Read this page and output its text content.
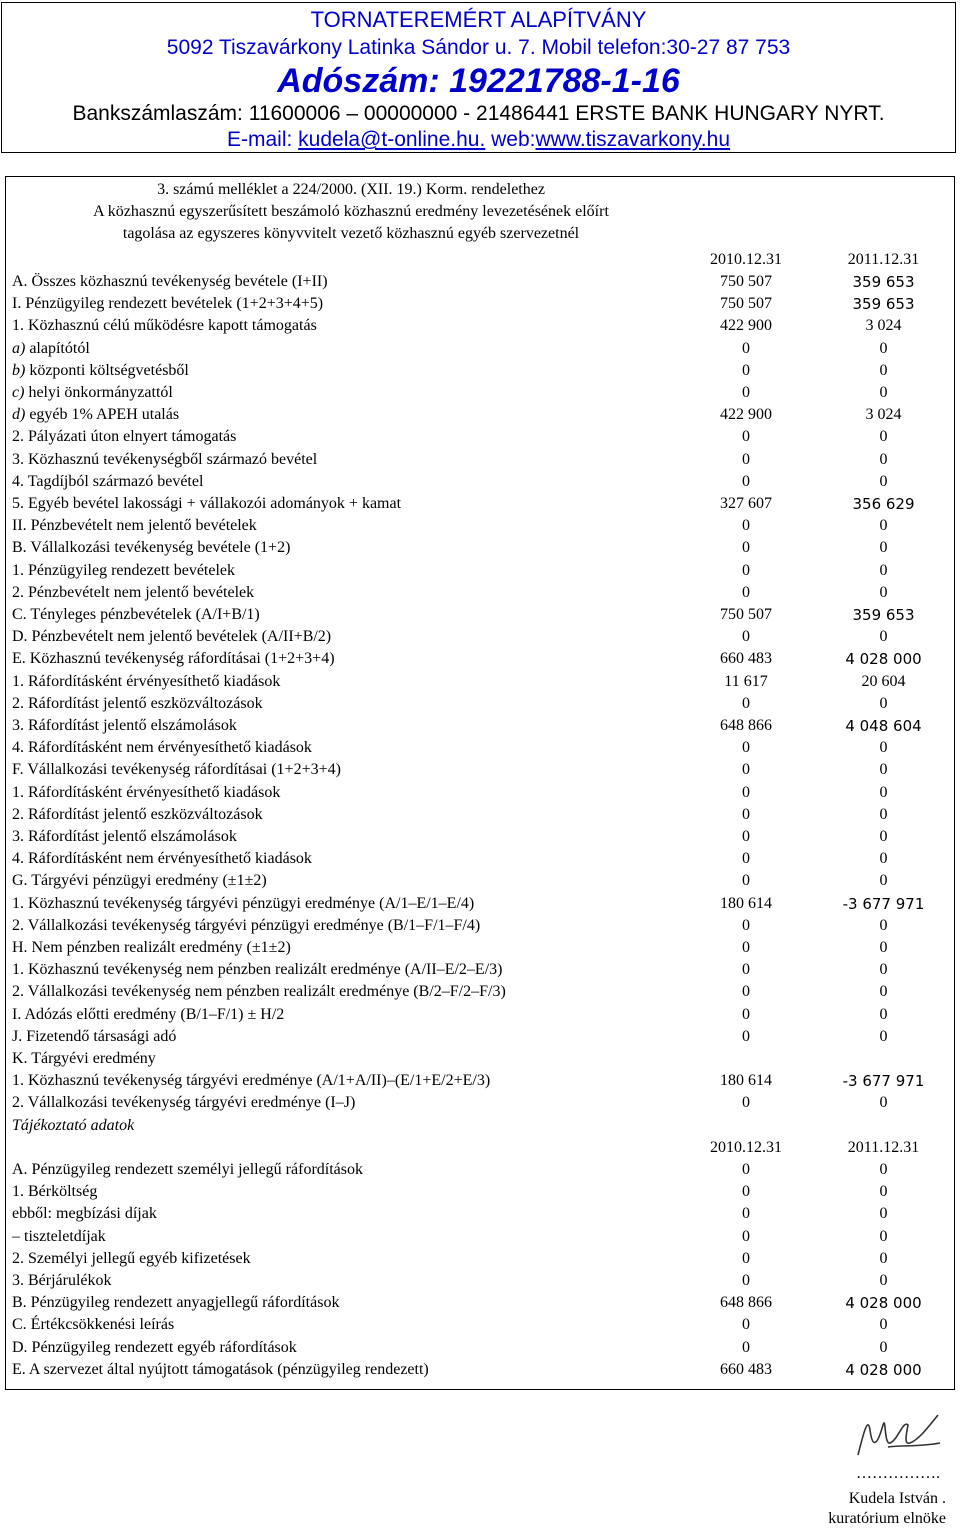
TORNATEREMÉRT ALAPÍTVÁNY
5092 Tiszavárkony Latinka Sándor u. 7. Mobil telefon:30-27 87 753
Adószám: 19221788-1-16
Bankszámlaszám: 11600006 – 00000000 - 21486441 ERSTE BANK HUNGARY NYRT.
E-mail: kudela@t-online.hu. web:www.tiszavarkony.hu
3. számú melléklet a 224/2000. (XII. 19.) Korm. rendelethez
A közhasznú egyszerűsített beszámoló közhasznú eredmény levezetésének előírt
tagolása az egyszeres könyvvitelt vezető közhasznú egyéb szervezetnél
2010.12.31	2011.12.31
A. Összes közhasznú tevékenység bevétele (I+II)	750 507	359 653
I. Pénzügyileg rendezett bevételek (1+2+3+4+5)	750 507	359 653
1. Közhasznú célú működésre kapott támogatás	422 900	3 024
a) alapítótól	0	0
b) központi költségvetésből	0	0
c) helyi önkormányzattól	0	0
d) egyéb 1% APEH utalás	422 900	3 024
2. Pályázati úton elnyert támogatás	0	0
3. Közhasznú tevékenységből származó bevétel	0	0
4. Tagdíjból származó bevétel	0	0
5. Egyéb bevétel lakossági + vállakozói adományok + kamat	327 607	356 629
II. Pénzbevételt nem jelentő bevételek	0	0
B. Vállalkozási tevékenység bevétele (1+2)	0	0
1. Pénzügyileg rendezett bevételek	0	0
2. Pénzbevételt nem jelentő bevételek	0	0
C. Tényleges pénzbevételek (A/I+B/1)	750 507	359 653
D. Pénzbevételt nem jelentő bevételek (A/II+B/2)	0	0
E. Közhasznú tevékenység ráfordításai (1+2+3+4)	660 483	4 028 000
1. Ráfordításként érvényesíthető kiadások	11 617	20 604
2. Ráfordítást jelentő eszközváltozások	0	0
3. Ráfordítást jelentő elszámolások	648 866	4 048 604
4. Ráfordításként nem érvényesíthető kiadások	0	0
F. Vállalkozási tevékenység ráfordításai (1+2+3+4)	0	0
1. Ráfordításként érvényesíthető kiadások	0	0
2. Ráfordítást jelentő eszközváltozások	0	0
3. Ráfordítást jelentő elszámolások	0	0
4. Ráfordításként nem érvényesíthető kiadások	0	0
G. Tárgyévi pénzügyi eredmény (±1±2)	0	0
1. Közhasznú tevékenység tárgyévi pénzügyi eredménye (A/1–E/1–E/4)	180 614	-3 677 971
2. Vállalkozási tevékenység tárgyévi pénzügyi eredménye (B/1–F/1–F/4)	0	0
H. Nem pénzben realizált eredmény (±1±2)	0	0
1. Közhasznú tevékenység nem pénzben realizált eredménye (A/II–E/2–E/3)	0	0
2. Vállalkozási tevékenység nem pénzben realizált eredménye (B/2–F/2–F/3)	0	0
I. Adózás előtti eredmény (B/1–F/1) ± H/2	0	0
J. Fizetendő társasági adó	0	0
K. Tárgyévi eredmény
1. Közhasznú tevékenység tárgyévi eredménye (A/1+A/II)–(E/1+E/2+E/3)	180 614	-3 677 971
2. Vállalkozási tevékenység tárgyévi eredménye (I–J)	0	0
Tájékoztató adatok
2010.12.31	2011.12.31
A. Pénzügyileg rendezett személyi jellegű ráfordítások	0	0
1. Bérköltség	0	0
ebből: megbízási díjak	0	0
– tiszteletdíjak	0	0
2. Személyi jellegű egyéb kifizetések	0	0
3. Bérjárulékok	0	0
B. Pénzügyileg rendezett anyagjellegű ráfordítások	648 866	4 028 000
C. Értékcsökkenési leírás	0	0
D. Pénzügyileg rendezett egyéb ráfordítások	0	0
E. A szervezet által nyújtott támogatások (pénzügyileg rendezett)	660 483	4 028 000
…………….
Kudela István .
kuratórium elnöke
